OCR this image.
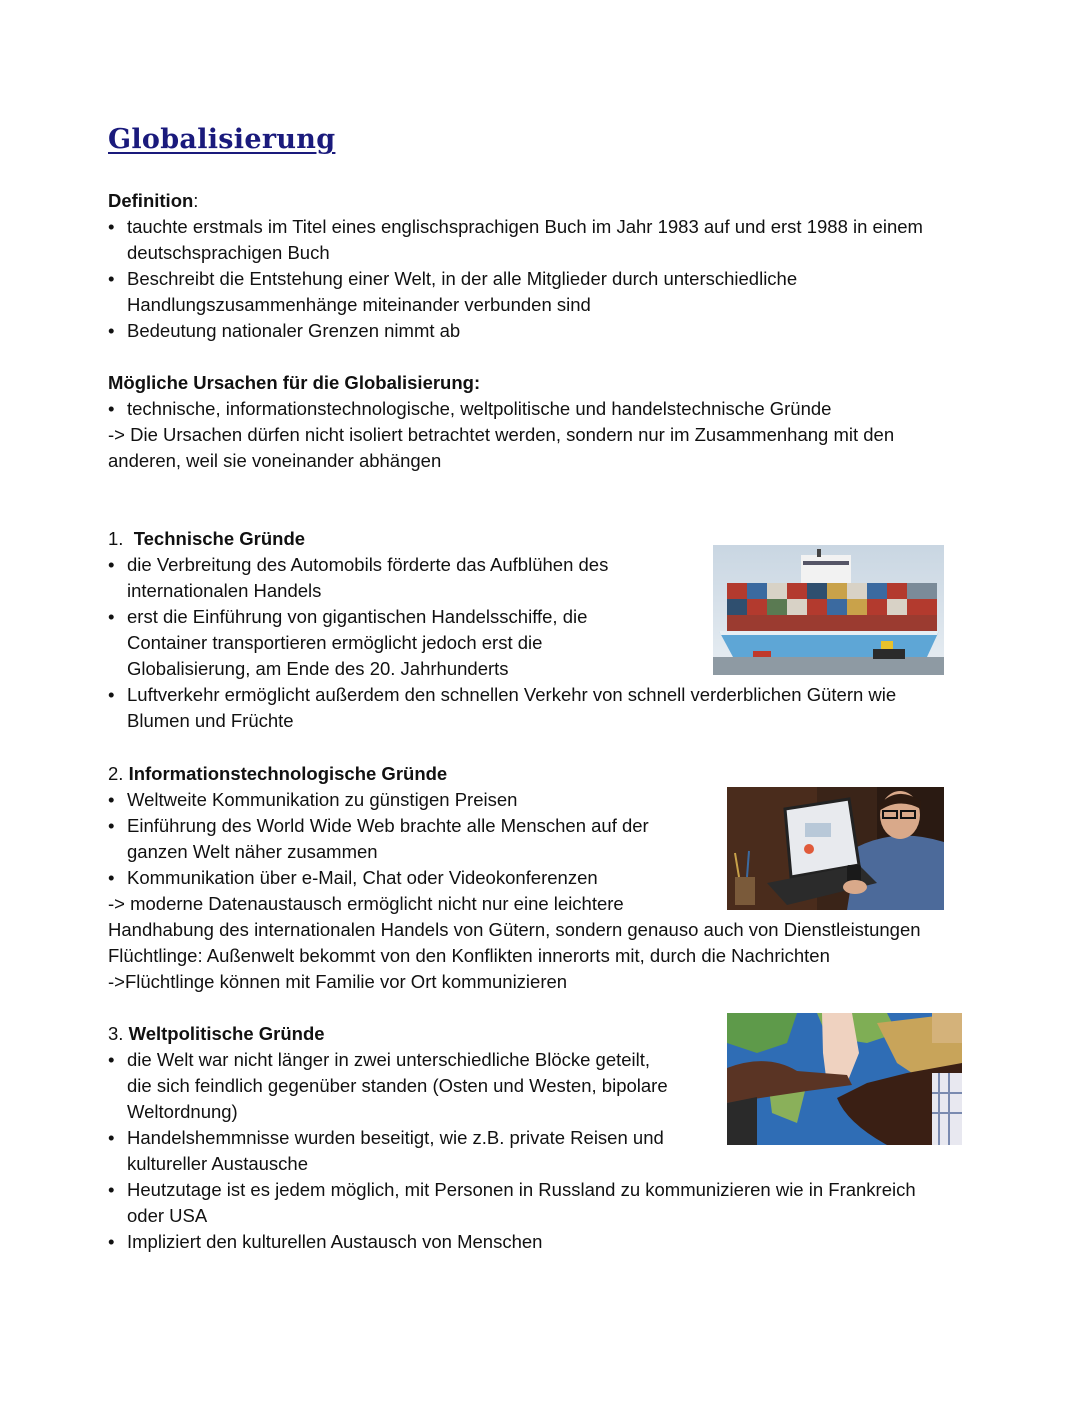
Globalisierung
Definition:
• tauchte erstmals im Titel eines englischsprachigen Buch im Jahr 1983 auf und erst 1988 in einem
deutschsprachigen Buch
• Beschreibt die Entstehung einer Welt, in der alle Mitglieder durch unterschiedliche
Handlungszusammenhänge miteinander verbunden sind
• Bedeutung nationaler Grenzen nimmt ab
Mögliche Ursachen für die Globalisierung:
• technische, informationstechnologische, weltpolitische und handelstechnische Gründe
-> Die Ursachen dürfen nicht isoliert betrachtet werden, sondern nur im Zusammenhang mit den
anderen, weil sie voneinander abhängen
1. Technische Gründe
• die Verbreitung des Automobils förderte das Aufblühen des
internationalen Handels
• erst die Einführung von gigantischen Handelsschiffe, die
Container transportieren ermöglicht jedoch erst die
Globalisierung, am Ende des 20. Jahrhunderts
• Luftverkehr ermöglicht außerdem den schnellen Verkehr von schnell verderblichen Gütern wie
Blumen und Früchte
2. Informationstechnologische Gründe
• Weltweite Kommunikation zu günstigen Preisen
• Einführung des World Wide Web brachte alle Menschen auf der
ganzen Welt näher zusammen
• Kommunikation über e-Mail, Chat oder Videokonferenzen
-> moderne Datenaustausch ermöglicht nicht nur eine leichtere
Handhabung des internationalen Handels von Gütern, sondern genauso auch von Dienstleistungen
Flüchtlinge: Außenwelt bekommt von den Konflikten innerorts mit, durch die Nachrichten
->Flüchtlinge können mit Familie vor Ort kommunizieren
3. Weltpolitische Gründe
• die Welt war nicht länger in zwei unterschiedliche Blöcke geteilt,
die sich feindlich gegenüber standen (Osten und Westen, bipolare
Weltordnung)
• Handelshemmnisse wurden beseitigt, wie z.B. private Reisen und
kultureller Austausche
• Heutzutage ist es jedem möglich, mit Personen in Russland zu kommunizieren wie in Frankreich
oder USA
• Impliziert den kulturellen Austausch von Menschen
